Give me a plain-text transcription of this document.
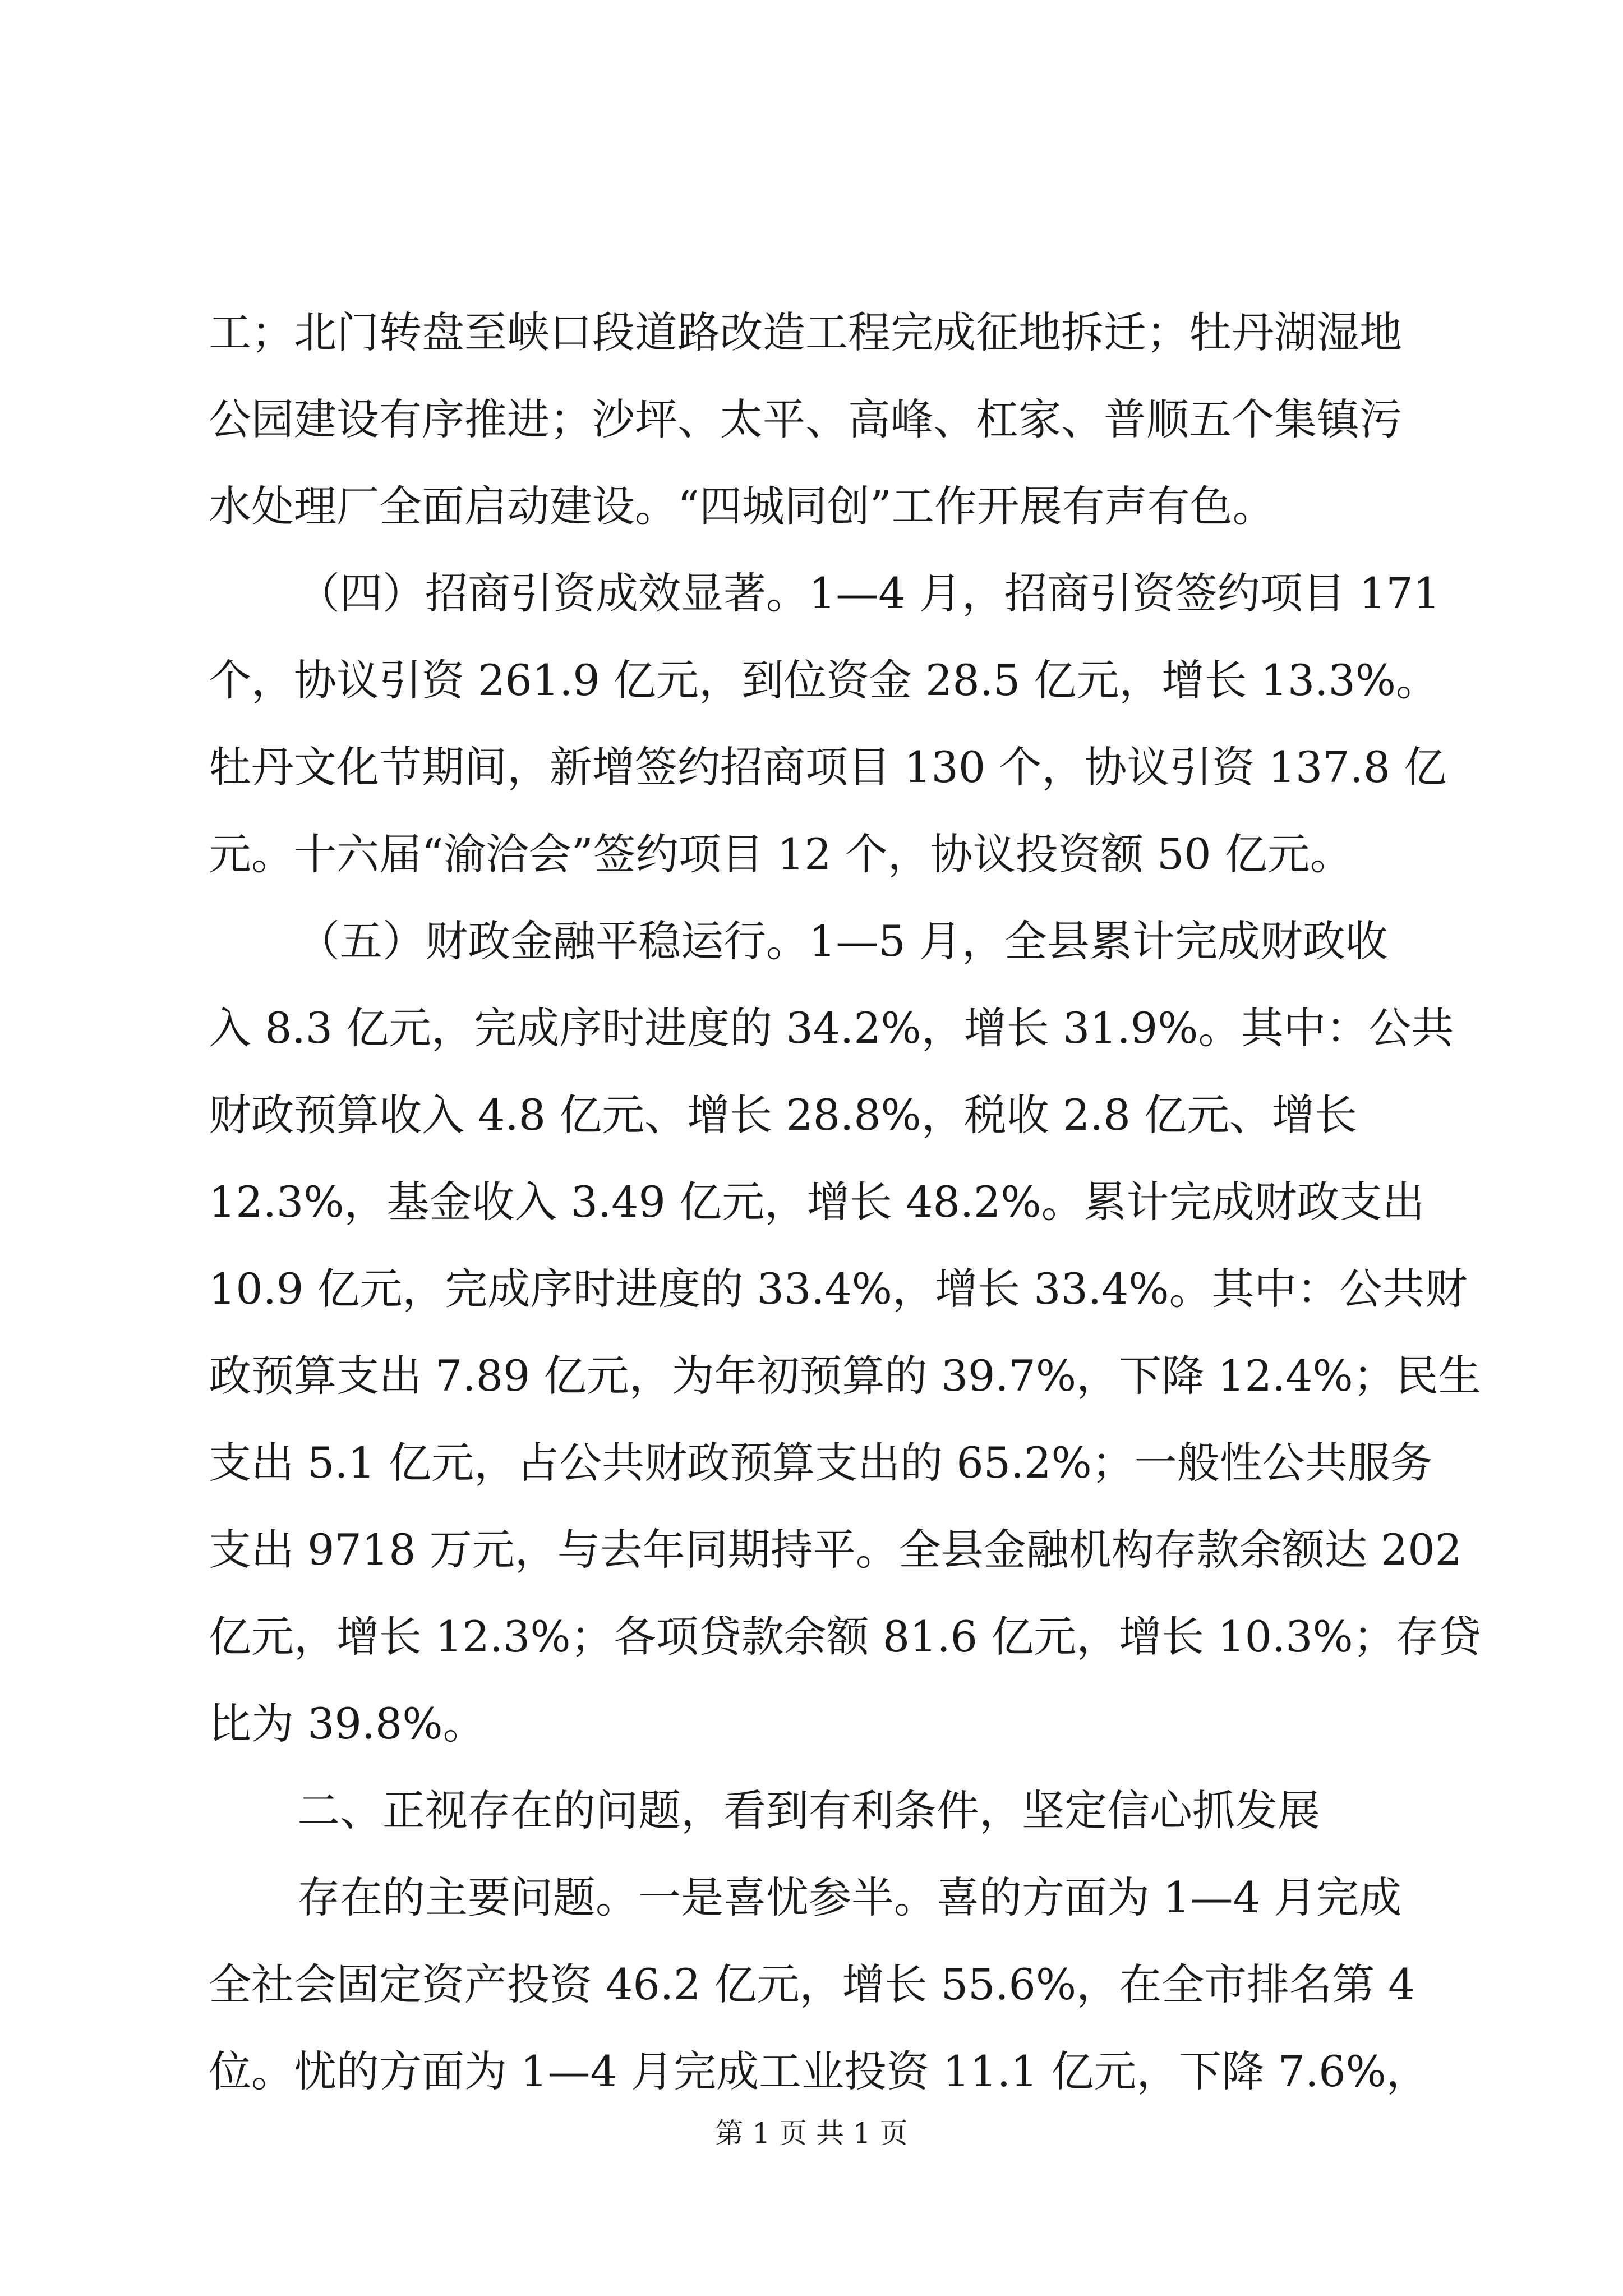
工；北门转盘至峡口段道路改造工程完成征地拆迁；牡丹湖湿地
公园建设有序推进；沙坪、太平、高峰、杠家、普顺五个集镇污
水处理厂全面启动建设。“四城同创”工作开展有声有色。
（四）招商引资成效显著。1—4 月，招商引资签约项目 171
个，协议引资 261.9 亿元，到位资金 28.5 亿元，增长 13.3%。
牡丹文化节期间，新增签约招商项目 130 个，协议引资 137.8 亿
元。十六届“渝洽会”签约项目 12 个，协议投资额 50 亿元。
（五）财政金融平稳运行。1—5 月，全县累计完成财政收
入 8.3 亿元，完成序时进度的 34.2%，增长 31.9%。其中：公共
财政预算收入 4.8 亿元、增长 28.8%，税收 2.8 亿元、增长
12.3%，基金收入 3.49 亿元，增长 48.2%。累计完成财政支出
10.9 亿元，完成序时进度的 33.4%，增长 33.4%。其中：公共财
政预算支出 7.89 亿元，为年初预算的 39.7%，下降 12.4%；民生
支出 5.1 亿元，占公共财政预算支出的 65.2%；一般性公共服务
支出 9718 万元，与去年同期持平。全县金融机构存款余额达 202
亿元，增长 12.3%；各项贷款余额 81.6 亿元，增长 10.3%；存贷
比为 39.8%。
二、正视存在的问题，看到有利条件，坚定信心抓发展
存在的主要问题。一是喜忧参半。喜的方面为 1—4 月完成
全社会固定资产投资 46.2 亿元，增长 55.6%，在全市排名第 4
位。忧的方面为 1—4 月完成工业投资 11.1 亿元，下降 7.6%，
第 1 页 共 1 页
